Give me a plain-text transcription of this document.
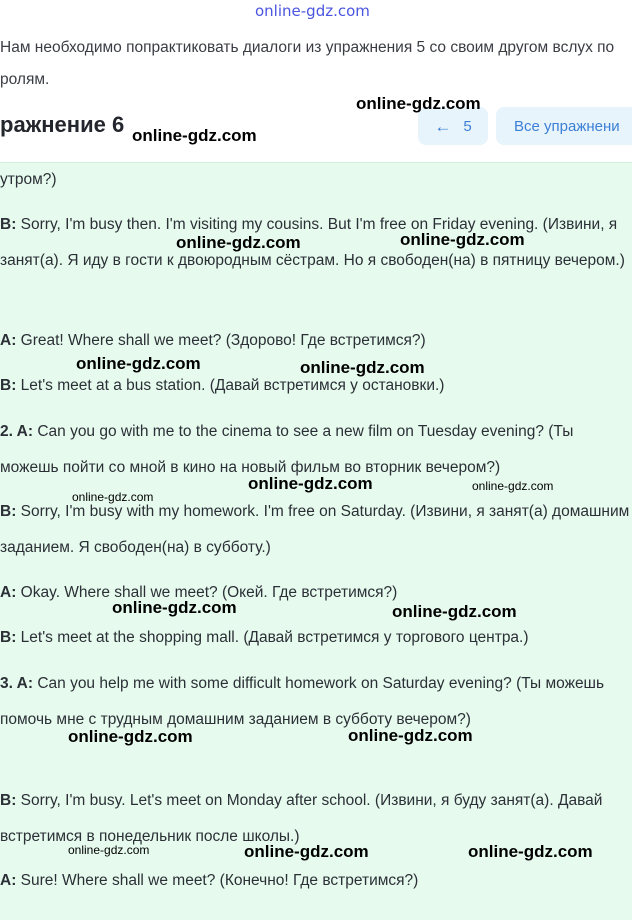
online-gdz.com
Нам необходимо попрактиковать диалоги из упражнения 5 со своим другом вслух по ролям.
ражнение 6	← 5	Все упражнени
утром?)
B: Sorry, I'm busy then. I'm visiting my cousins. But I'm free on Friday evening. (Извини, я занят(а). Я иду в гости к двоюродным сёстрам. Но я свободен(на) в пятницу вечером.)
A: Great! Where shall we meet? (Здорово! Где встретимся?)
B: Let's meet at a bus station. (Давай встретимся у остановки.)
2. A: Can you go with me to the cinema to see a new film on Tuesday evening? (Ты можешь пойти со мной в кино на новый фильм во вторник вечером?)
B: Sorry, I'm busy with my homework. I'm free on Saturday. (Извини, я занят(а) домашним заданием. Я свободен(на) в субботу.)
A: Okay. Where shall we meet? (Окей. Где встретимся?)
B: Let's meet at the shopping mall. (Давай встретимся у торгового центра.)
3. A: Can you help me with some difficult homework on Saturday evening? (Ты можешь помочь мне с трудным домашним заданием в субботу вечером?)
B: Sorry, I'm busy. Let's meet on Monday after school. (Извини, я буду занят(а). Давай встретимся в понедельник после школы.)
A: Sure! Where shall we meet? (Конечно! Где встретимся?)
online-gdz.com
online-gdz.com
online-gdz.com	online-gdz.com
online-gdz.com	online-gdz.com
online-gdz.com
online-gdz.com
online-gdz.com
online-gdz.com	online-gdz.com
online-gdz.com	online-gdz.com
online-gdz.com	online-gdz.com	online-gdz.com
